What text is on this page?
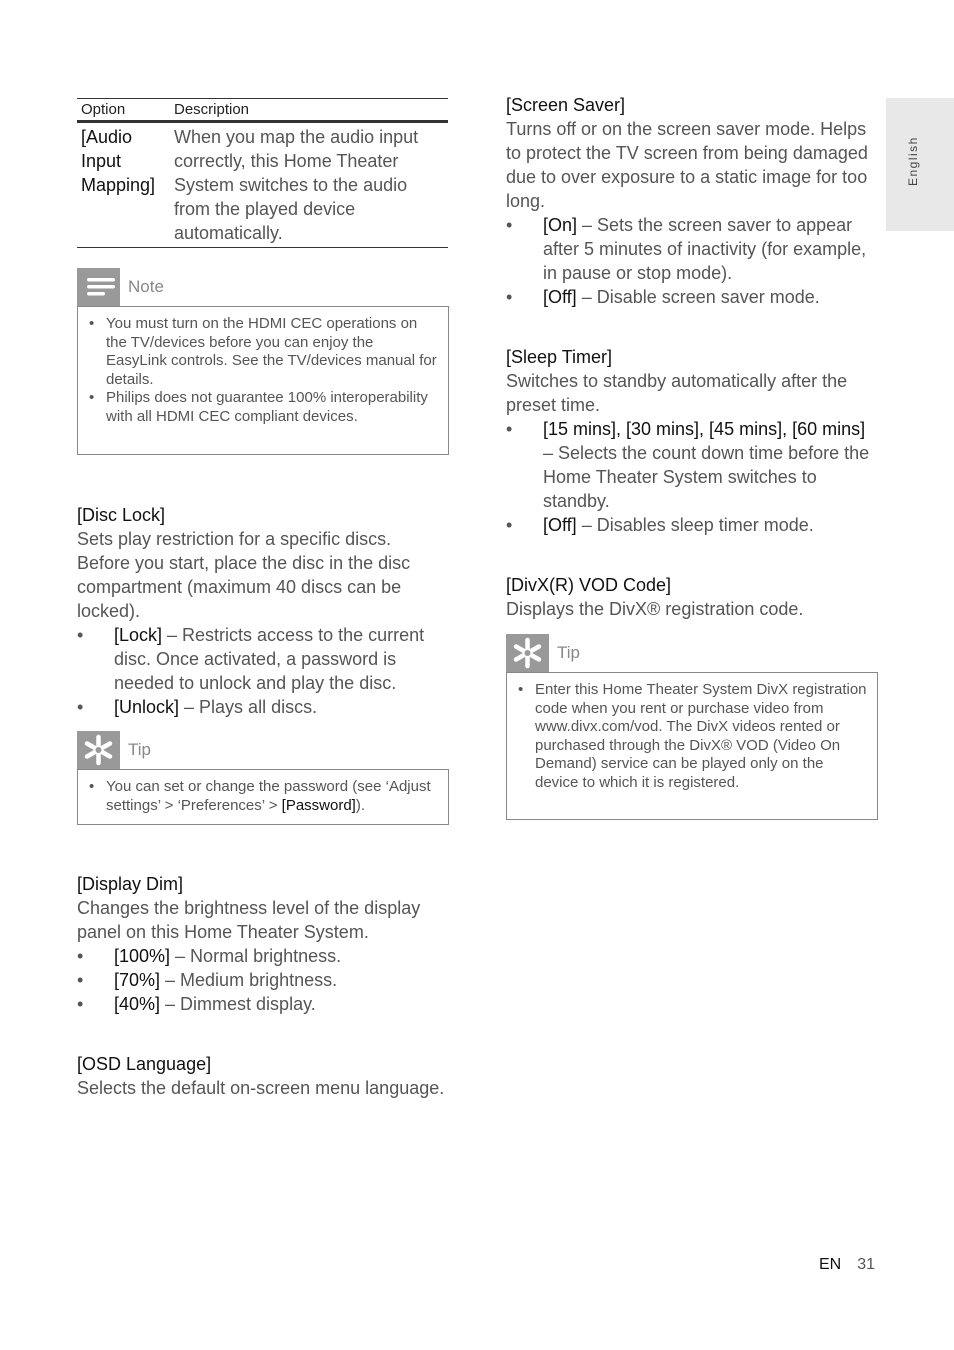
Option	Description
[Audio Input Mapping]	When you map the audio input correctly, this Home Theater System switches to the audio from the played device automatically.
Note
• You must turn on the HDMI CEC operations on the TV/devices before you can enjoy the EasyLink controls. See the TV/devices manual for details.
• Philips does not guarantee 100% interoperability with all HDMI CEC compliant devices.
[Disc Lock]

Sets play restriction for a specific discs. Before you start, place the disc in the disc compartment (maximum 40 discs can be locked).

• [Lock] – Restricts access to the current disc. Once activated, a password is needed to unlock and play the disc.
• [Unlock] – Plays all discs.
Tip
• You can set or change the password (see ‘Adjust settings’ > ‘Preferences’ > [Password]).
[Display Dim]

Changes the brightness level of the display panel on this Home Theater System.

• [100%] – Normal brightness.
• [70%] – Medium brightness.
• [40%] – Dimmest display.
[OSD Language]

Selects the default on-screen menu language.

[Screen Saver]

Turns off or on the screen saver mode. Helps to protect the TV screen from being damaged due to over exposure to a static image for too long.

• [On] – Sets the screen saver to appear after 5 minutes of inactivity (for example, in pause or stop mode).
• [Off] – Disable screen saver mode.
[Sleep Timer]

Switches to standby automatically after the preset time.

• [15 mins], [30 mins], [45 mins], [60 mins] – Selects the count down time before the Home Theater System switches to standby.
• [Off] – Disables sleep timer mode.
[DivX(R) VOD Code]

Displays the DivX® registration code.

Tip
• Enter this Home Theater System DivX registration code when you rent or purchase video from www.divx.com/vod. The DivX videos rented or purchased through the DivX® VOD (Video On Demand) service can be played only on the device to which it is registered.
English
EN 31
